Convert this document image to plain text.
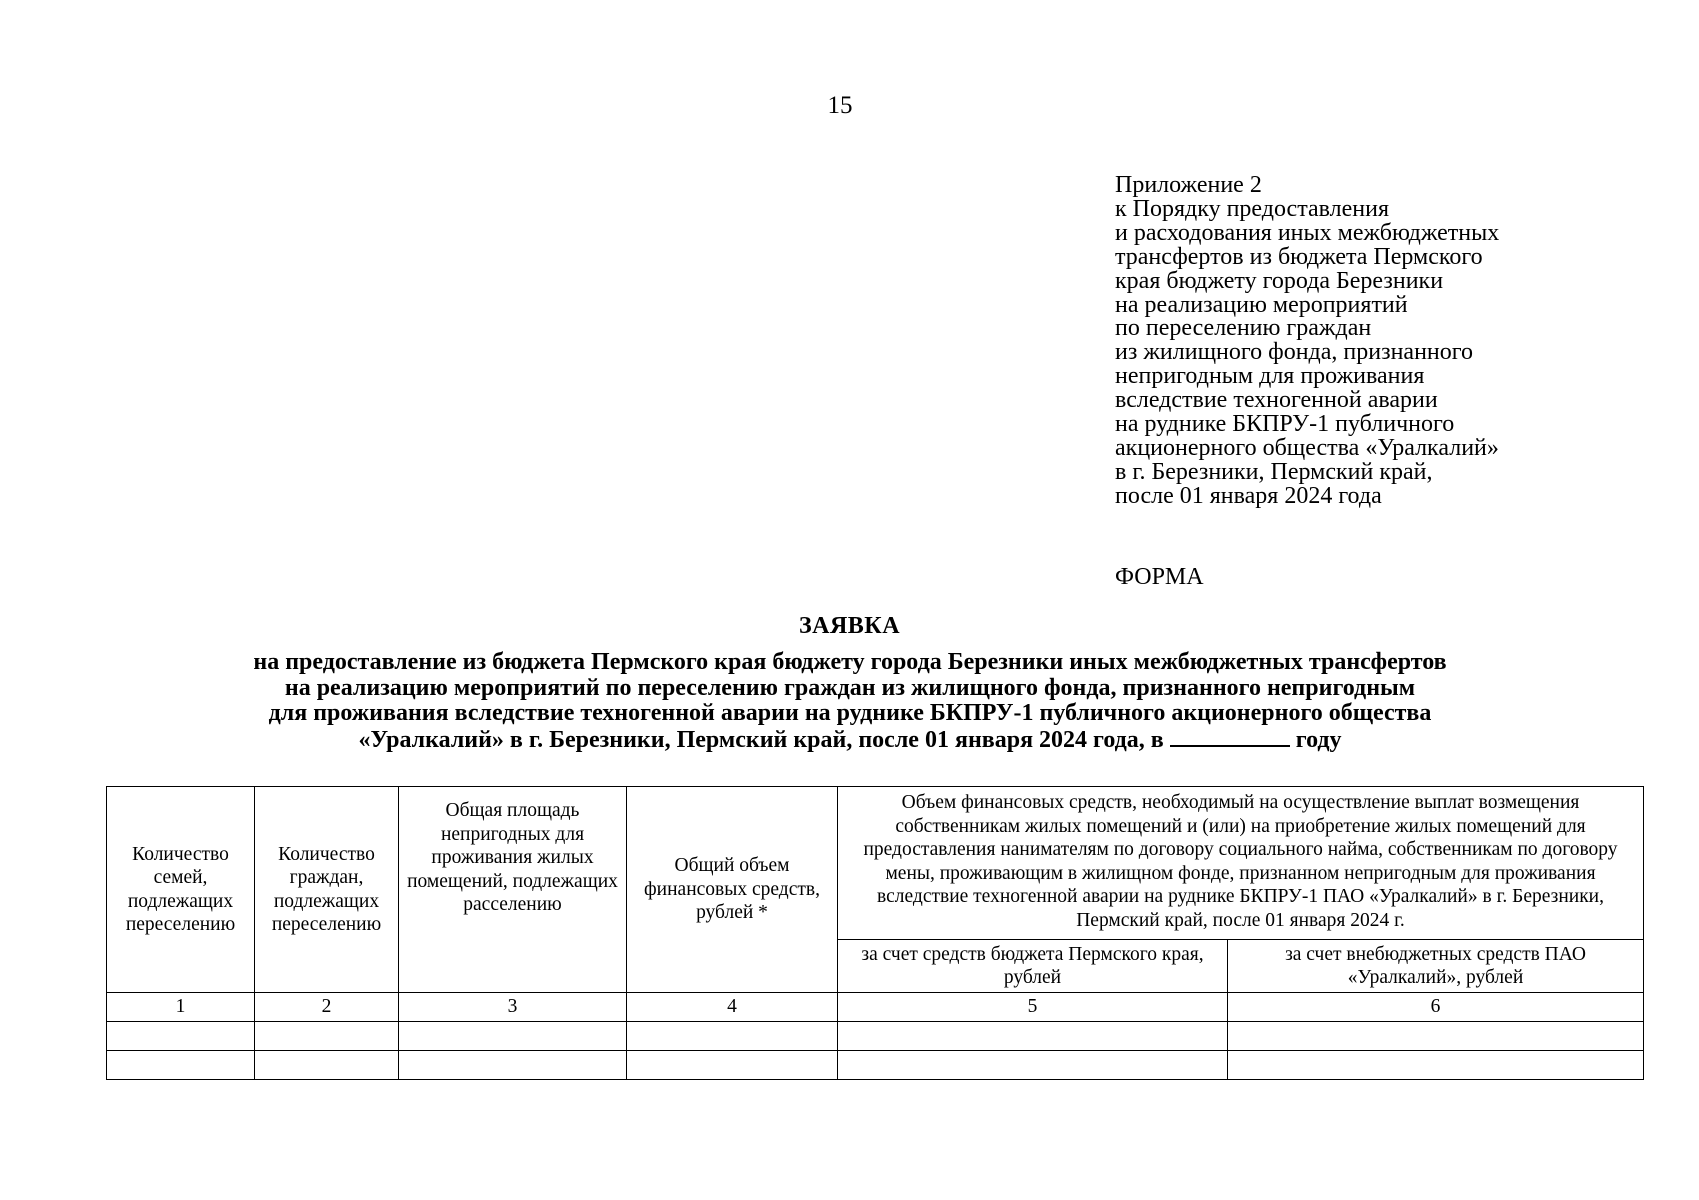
15
Приложение 2
к Порядку предоставления
и расходования иных межбюджетных
трансфертов из бюджета Пермского
края бюджету города Березники
на реализацию мероприятий
по переселению граждан
из жилищного фонда, признанного
непригодным для проживания
вследствие техногенной аварии
на руднике БКПРУ-1 публичного
акционерного общества «Уралкалий»
в г. Березники, Пермский край,
после 01 января 2024 года
ФОРМА
ЗАЯВКА
на предоставление из бюджета Пермского края бюджету города Березники иных межбюджетных трансфертов
на реализацию мероприятий по переселению граждан из жилищного фонда, признанного непригодным
для проживания вследствие техногенной аварии на руднике БКПРУ-1 публичного акционерного общества
«Уралкалий» в г. Березники, Пермский край, после 01 января 2024 года, в	году
Количество семей, подлежащих переселению	Количество граждан, подлежащих переселению	Общая площадь непригодных для проживания жилых помещений, подлежащих расселению	Общий объем финансовых средств, рублей *	Объем финансовых средств, необходимый на осуществление выплат возмещения собственникам жилых помещений и (или) на приобретение жилых помещений для предоставления нанимателям по договору социального найма, собственникам по договору мены, проживающим в жилищном фонде, признанном непригодным для проживания вследствие техногенной аварии на руднике БКПРУ-1 ПАО «Уралкалий» в г. Березники, Пермский край, после 01 января 2024 г.	
				за счет средств бюджета Пермского края, рублей	за счет внебюджетных средств ПАО «Уралкалий», рублей
1	2	3	4	5	6
